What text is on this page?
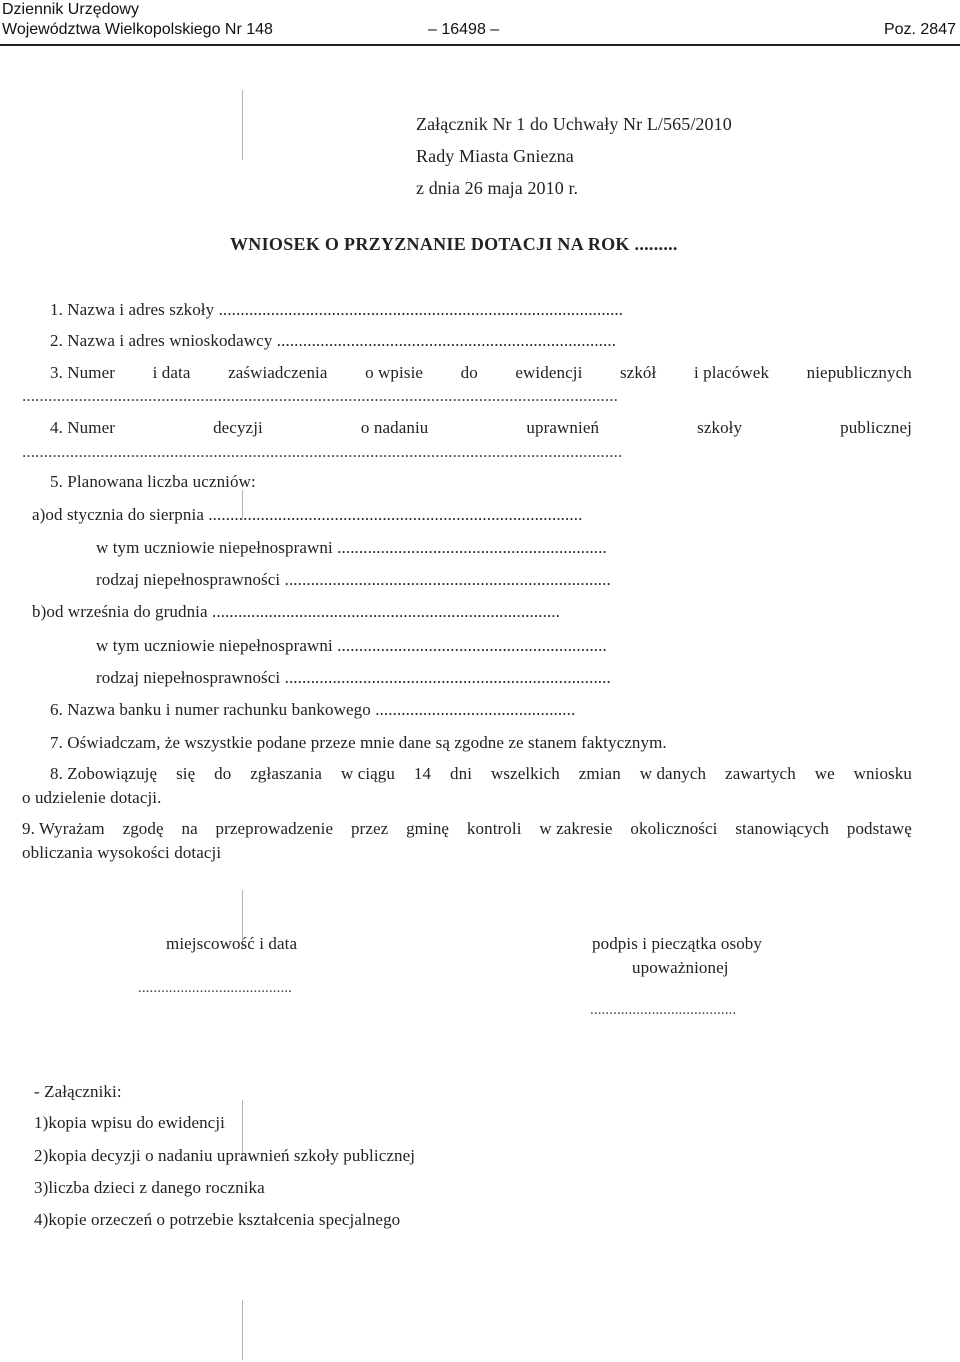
Dziennik Urzędowy
Województwa Wielkopolskiego Nr 148	– 16498 –	Poz. 2847
Załącznik Nr 1 do Uchwały Nr L/565/2010
Rady Miasta Gniezna
z dnia 26 maja 2010 r.
WNIOSEK O PRZYZNANIE DOTACJI NA ROK .........
1. Nazwa i adres szkoły .............................................................................................
2. Nazwa i adres wnioskodawcy ..............................................................................
3. Numer i data zaświadczenia o wpisie do ewidencji szkół i placówek niepublicznych
.........................................................................................................................................
4. Numer	decyzji	o nadaniu	uprawnień	szkoły	publicznej
..........................................................................................................................................
5. Planowana liczba uczniów:
a)od stycznia do sierpnia ......................................................................................
w tym uczniowie niepełnosprawni ..............................................................
rodzaj niepełnosprawności ...........................................................................
b)od września do grudnia ................................................................................
w tym uczniowie niepełnosprawni ..............................................................
rodzaj niepełnosprawności ...........................................................................
6. Nazwa banku i numer rachunku bankowego ..............................................
7. Oświadczam, że wszystkie podane przeze mnie dane są zgodne ze stanem faktycznym.
8. Zobowiązuję się do zgłaszania w ciągu 14 dni wszelkich zmian w danych zawartych we wniosku
o udzielenie dotacji.
9. Wyrażam zgodę na przeprowadzenie przez gminę kontroli w zakresie okoliczności stanowiących podstawę
obliczania wysokości dotacji
miejscowość i data
........................................
podpis i pieczątka osoby
upoważnionej
......................................
- Załączniki:
1)kopia wpisu do ewidencji
2)kopia decyzji o nadaniu uprawnień szkoły publicznej
3)liczba dzieci z danego rocznika
4)kopie orzeczeń o potrzebie kształcenia specjalnego
